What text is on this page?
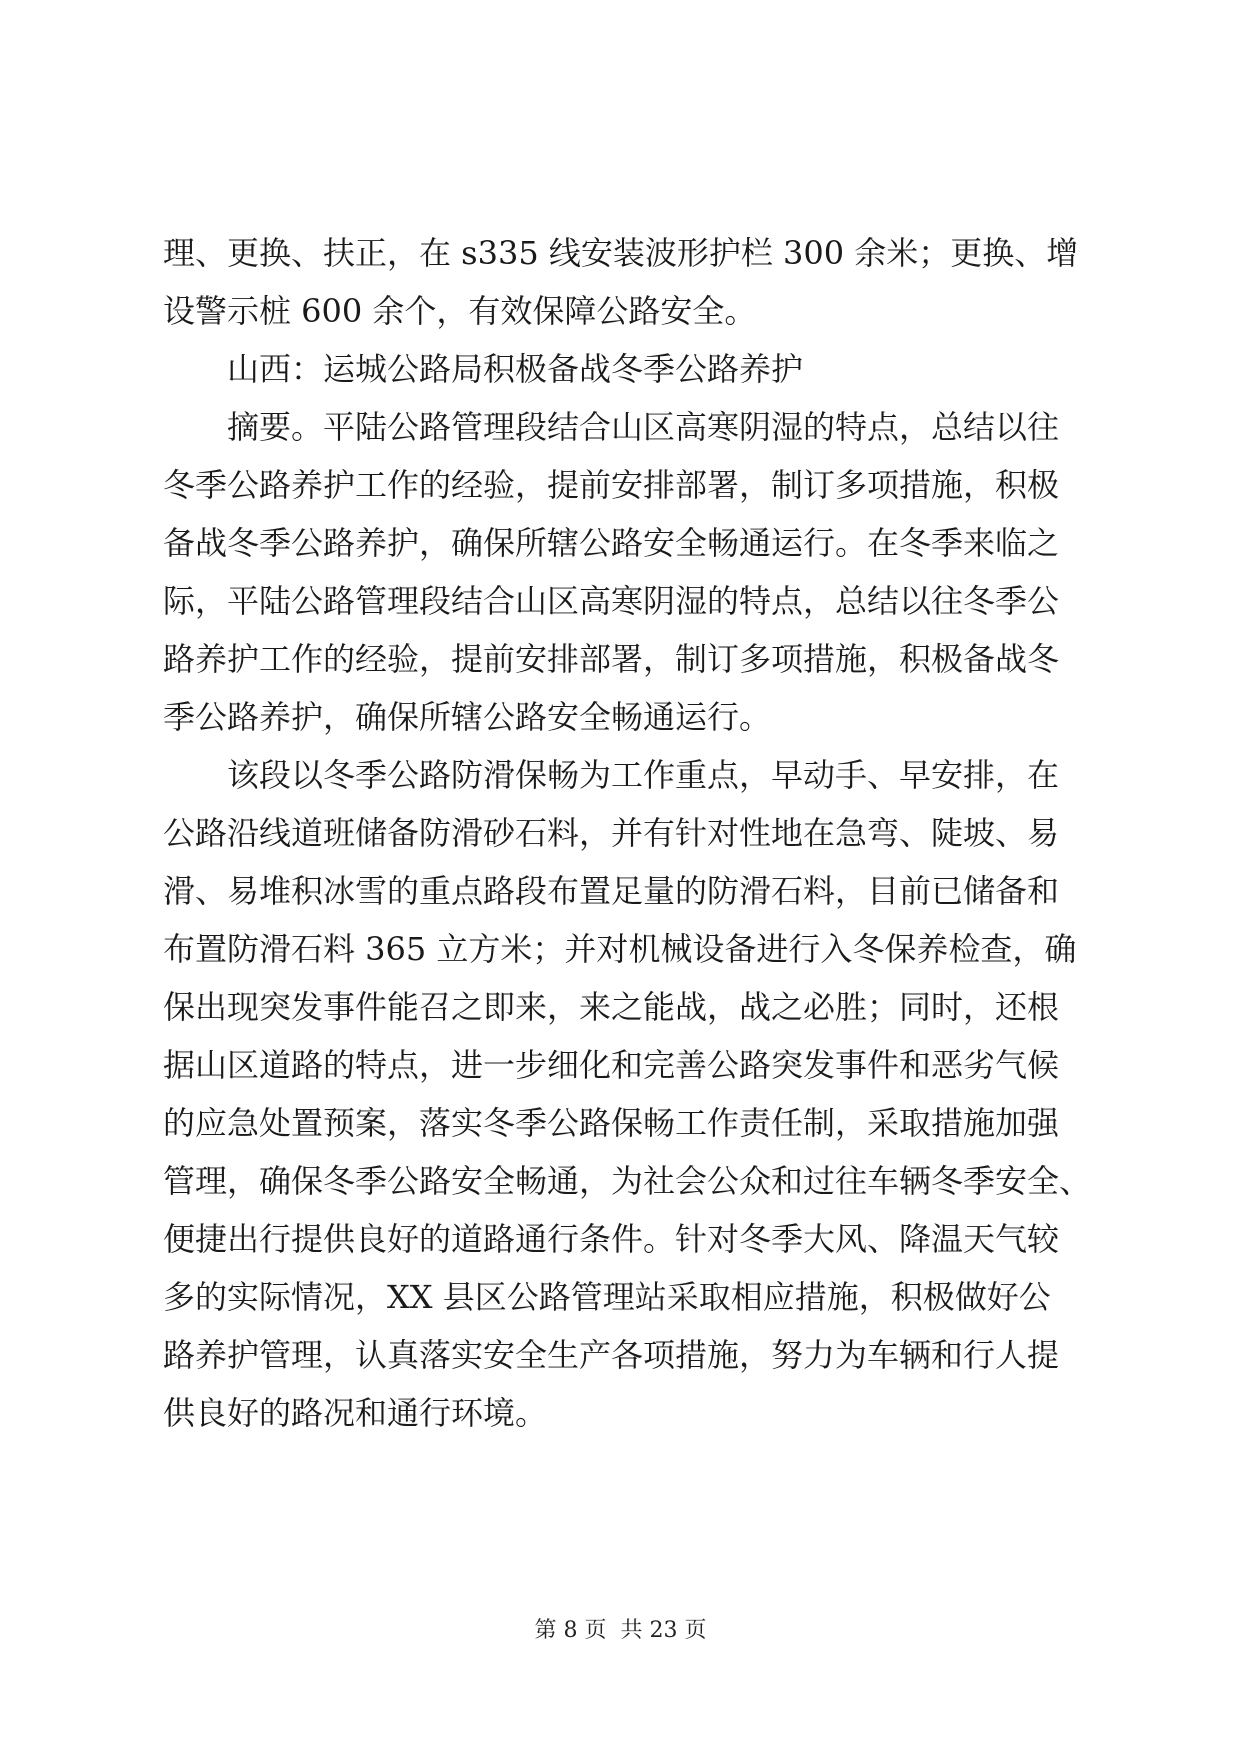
理、更换、扶正，在 s335 线安装波形护栏 300 余米；更换、增
设警示桩 600 余个，有效保障公路安全。
山西：运城公路局积极备战冬季公路养护
摘要。平陆公路管理段结合山区高寒阴湿的特点，总结以往
冬季公路养护工作的经验，提前安排部署，制订多项措施，积极
备战冬季公路养护，确保所辖公路安全畅通运行。在冬季来临之
际，平陆公路管理段结合山区高寒阴湿的特点，总结以往冬季公
路养护工作的经验，提前安排部署，制订多项措施，积极备战冬
季公路养护，确保所辖公路安全畅通运行。
该段以冬季公路防滑保畅为工作重点，早动手、早安排，在
公路沿线道班储备防滑砂石料，并有针对性地在急弯、陡坡、易
滑、易堆积冰雪的重点路段布置足量的防滑石料，目前已储备和
布置防滑石料 365 立方米；并对机械设备进行入冬保养检查，确
保出现突发事件能召之即来，来之能战，战之必胜；同时，还根
据山区道路的特点，进一步细化和完善公路突发事件和恶劣气候
的应急处置预案，落实冬季公路保畅工作责任制，采取措施加强
管理，确保冬季公路安全畅通，为社会公众和过往车辆冬季安全、
便捷出行提供良好的道路通行条件。针对冬季大风、降温天气较
多的实际情况，XX 县区公路管理站采取相应措施，积极做好公
路养护管理，认真落实安全生产各项措施，努力为车辆和行人提
供良好的路况和通行环境。
第 8 页  共 23 页
